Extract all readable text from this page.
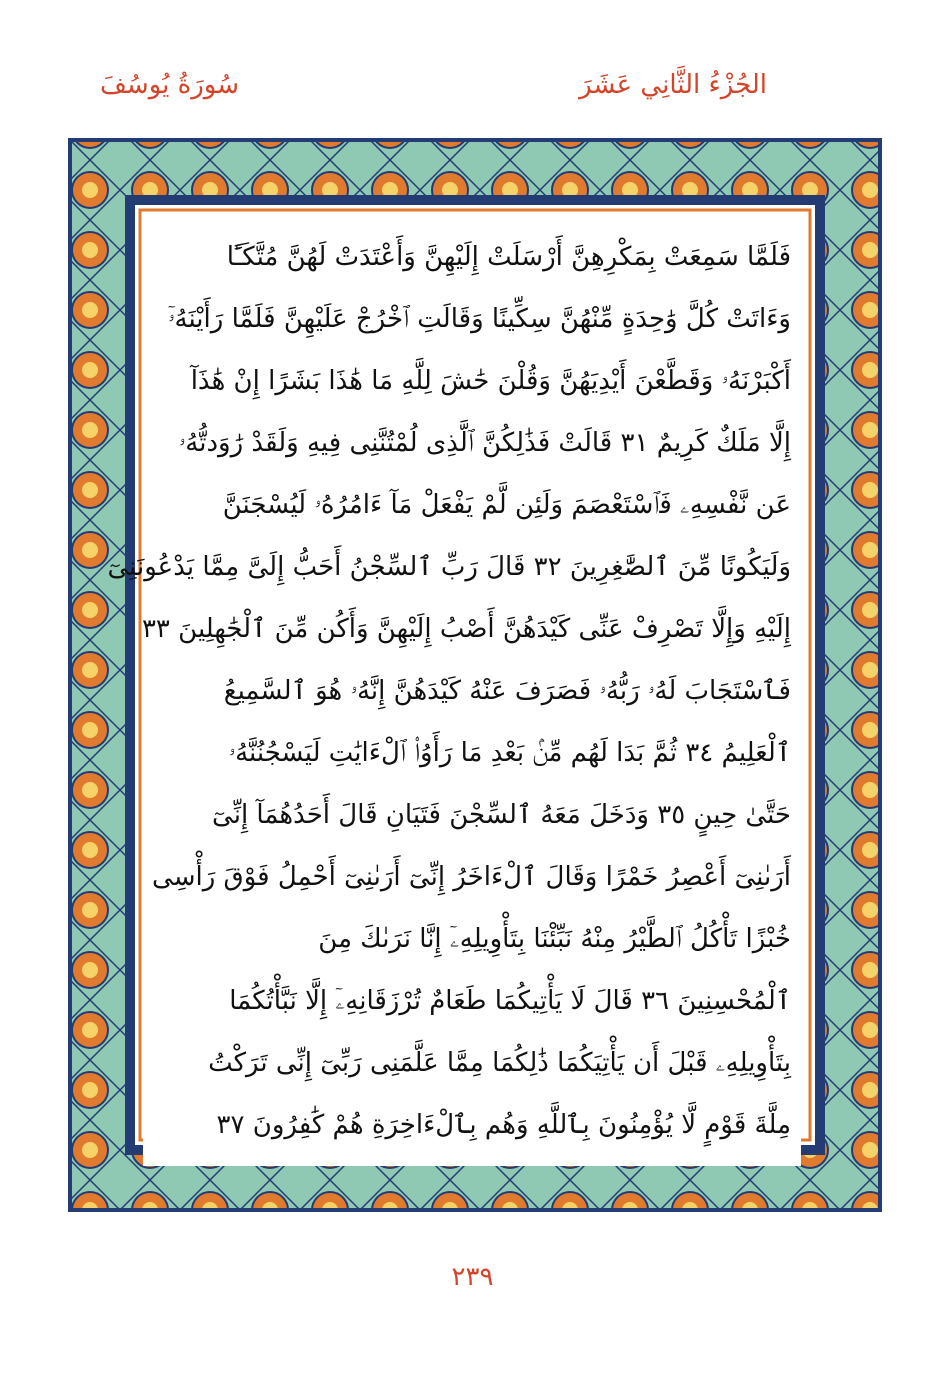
الجُزْءُ الثَّانِي عَشَرَ
سُورَةُ يُوسُفَ
فَلَمَّا سَمِعَتْ بِمَكْرِهِنَّ أَرْسَلَتْ إِلَيْهِنَّ وَأَعْتَدَتْ لَهُنَّ مُتَّكَـًٔا
وَءَاتَتْ كُلَّ وَٰحِدَةٍ مِّنْهُنَّ سِكِّينًا وَقَالَتِ ٱخْرُجْ عَلَيْهِنَّ فَلَمَّا رَأَيْنَهُۥٓ
أَكْبَرْنَهُۥ وَقَطَّعْنَ أَيْدِيَهُنَّ وَقُلْنَ حَٰشَ لِلَّهِ مَا هَٰذَا بَشَرًا إِنْ هَٰذَآ
إِلَّا مَلَكٌ كَرِيمٌ ٣١ قَالَتْ فَذَٰلِكُنَّ ٱلَّذِى لُمْتُنَّنِى فِيهِ وَلَقَدْ رَٰوَدتُّهُۥ
عَن نَّفْسِهِۦ فَٱسْتَعْصَمَ وَلَئِن لَّمْ يَفْعَلْ مَآ ءَامُرُهُۥ لَيُسْجَنَنَّ
وَلَيَكُونًا مِّنَ ٱلصَّٰغِرِينَ ٣٢ قَالَ رَبِّ ٱلسِّجْنُ أَحَبُّ إِلَىَّ مِمَّا يَدْعُونَنِىٓ
إِلَيْهِ وَإِلَّا تَصْرِفْ عَنِّى كَيْدَهُنَّ أَصْبُ إِلَيْهِنَّ وَأَكُن مِّنَ ٱلْجَٰهِلِينَ ٣٣
فَٱسْتَجَابَ لَهُۥ رَبُّهُۥ فَصَرَفَ عَنْهُ كَيْدَهُنَّ إِنَّهُۥ هُوَ ٱلسَّمِيعُ
ٱلْعَلِيمُ ٣٤ ثُمَّ بَدَا لَهُم مِّنۢ بَعْدِ مَا رَأَوُا۟ ٱلْءَايَٰتِ لَيَسْجُنُنَّهُۥ
حَتَّىٰ حِينٍ ٣٥ وَدَخَلَ مَعَهُ ٱلسِّجْنَ فَتَيَانِ قَالَ أَحَدُهُمَآ إِنِّىٓ
أَرَىٰنِىٓ أَعْصِرُ خَمْرًا وَقَالَ ٱلْءَاخَرُ إِنِّىٓ أَرَىٰنِىٓ أَحْمِلُ فَوْقَ رَأْسِى
خُبْزًا تَأْكُلُ ٱلطَّيْرُ مِنْهُ نَبِّئْنَا بِتَأْوِيلِهِۦٓ إِنَّا نَرَىٰكَ مِنَ
ٱلْمُحْسِنِينَ ٣٦ قَالَ لَا يَأْتِيكُمَا طَعَامٌ تُرْزَقَانِهِۦٓ إِلَّا نَبَّأْتُكُمَا
بِتَأْوِيلِهِۦ قَبْلَ أَن يَأْتِيَكُمَا ذَٰلِكُمَا مِمَّا عَلَّمَنِى رَبِّىٓ إِنِّى تَرَكْتُ
مِلَّةَ قَوْمٍ لَّا يُؤْمِنُونَ بِٱللَّهِ وَهُم بِٱلْءَاخِرَةِ هُمْ كَٰفِرُونَ ٣٧
٢٣٩
